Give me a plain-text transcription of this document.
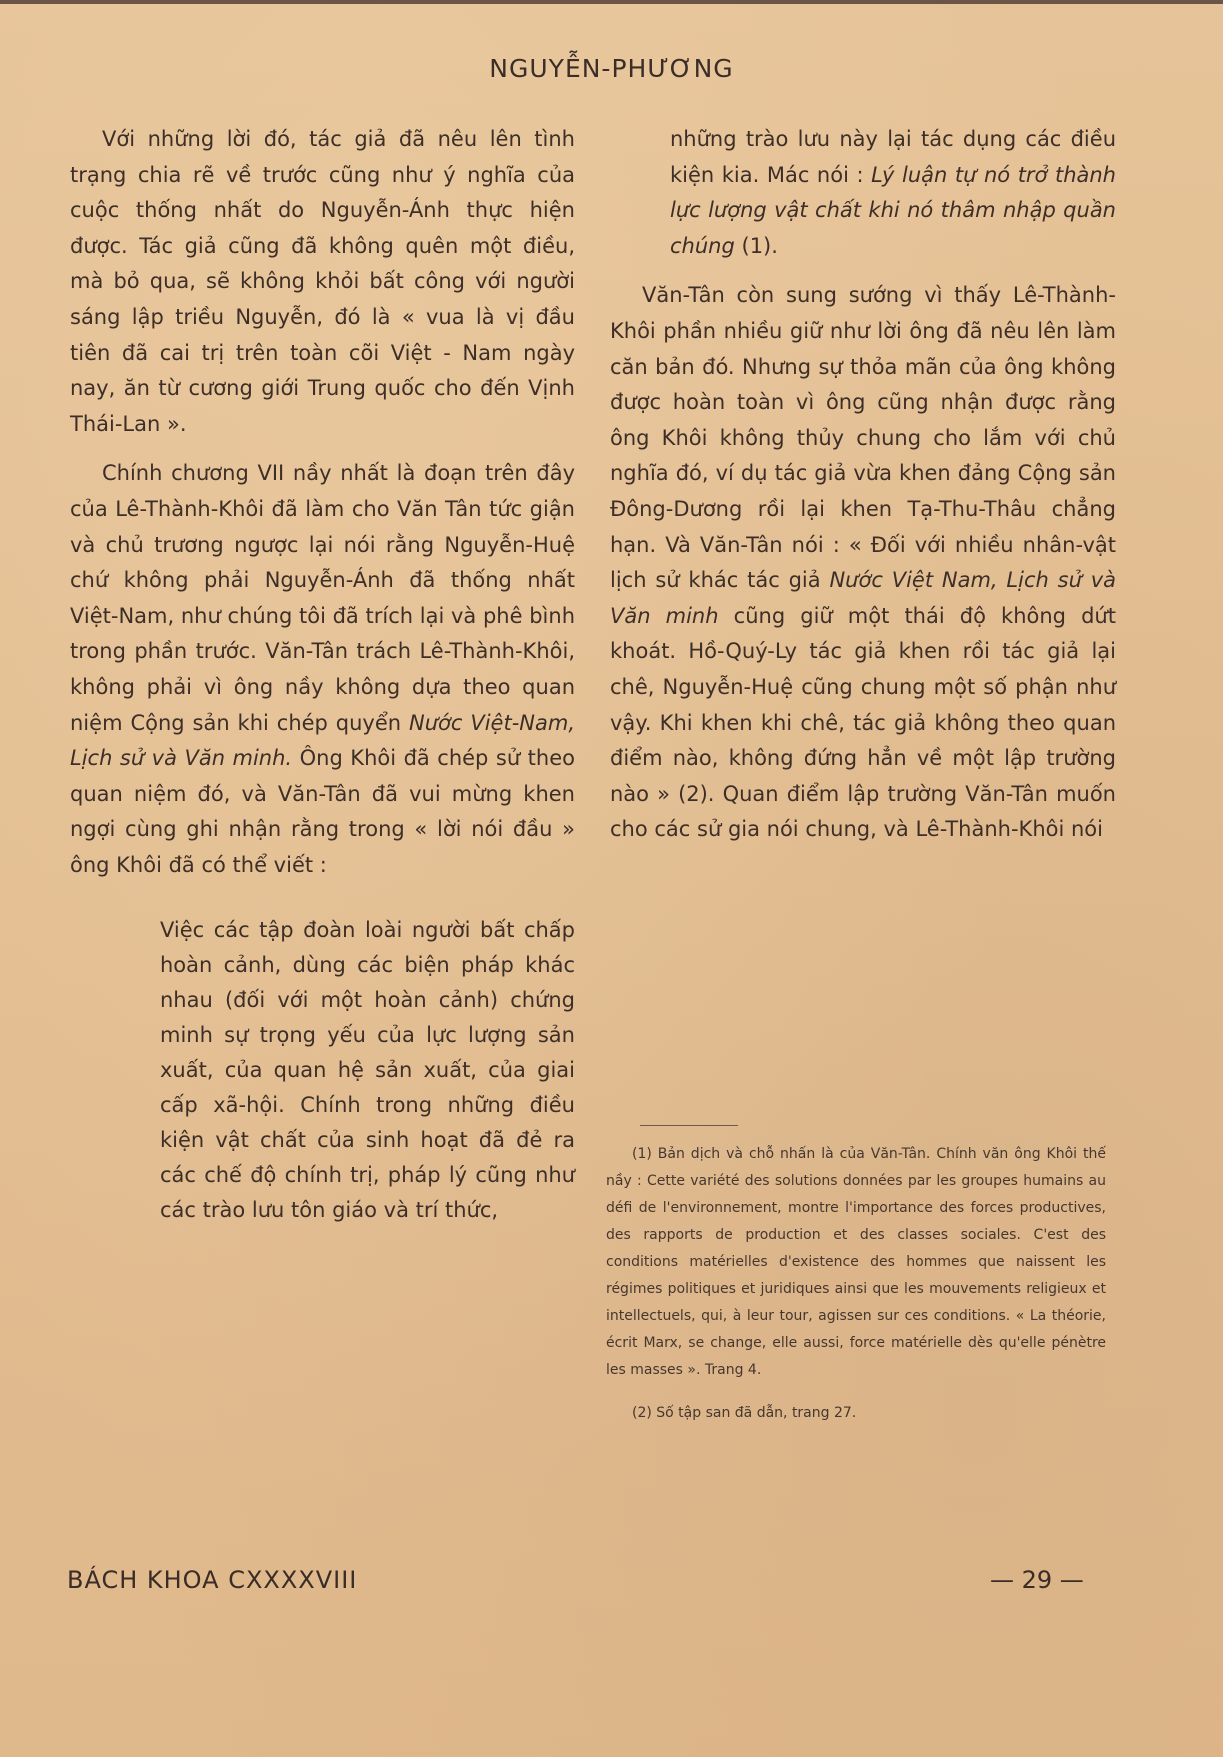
NGUYỄN-PHƯƠNG

Với những lời đó, tác giả đã nêu lên tình trạng chia rẽ về trước cũng như ý nghĩa của cuộc thống nhất do Nguyễn-Ánh thực hiện được. Tác giả cũng đã không quên một điều, mà bỏ qua, sẽ không khỏi bất công với người sáng lập triều Nguyễn, đó là « vua là vị đầu tiên đã cai trị trên toàn cõi Việt - Nam ngày nay, ăn từ cương giới Trung quốc cho đến Vịnh Thái-Lan ».

Chính chương VII nầy nhất là đoạn trên đây của Lê-Thành-Khôi đã làm cho Văn Tân tức giận và chủ trương ngược lại nói rằng Nguyễn-Huệ chứ không phải Nguyễn-Ánh đã thống nhất Việt-Nam, như chúng tôi đã trích lại và phê bình trong phần trước. Văn-Tân trách Lê-Thành-Khôi, không phải vì ông nầy không dựa theo quan niệm Cộng sản khi chép quyển Nước Việt-Nam, Lịch sử và Văn minh. Ông Khôi đã chép sử theo quan niệm đó, và Văn-Tân đã vui mừng khen ngợi cùng ghi nhận rằng trong « lời nói đầu » ông Khôi đã có thể viết :

Việc các tập đoàn loài người bất chấp hoàn cảnh, dùng các biện pháp khác nhau (đối với một hoàn cảnh) chứng minh sự trọng yếu của lực lượng sản xuất, của quan hệ sản xuất, của giai cấp xã-hội. Chính trong những điều kiện vật chất của sinh hoạt đã đẻ ra các chế độ chính trị, pháp lý cũng như các trào lưu tôn giáo và trí thức,

những trào lưu này lại tác dụng các điều kiện kia. Mác nói : Lý luận tự nó trở thành lực lượng vật chất khi nó thâm nhập quần chúng (1).

Văn-Tân còn sung sướng vì thấy Lê-Thành-Khôi phần nhiều giữ như lời ông đã nêu lên làm căn bản đó. Nhưng sự thỏa mãn của ông không được hoàn toàn vì ông cũng nhận được rằng ông Khôi không thủy chung cho lắm với chủ nghĩa đó, ví dụ tác giả vừa khen đảng Cộng sản Đông-Dương rồi lại khen Tạ-Thu-Thâu chẳng hạn. Và Văn-Tân nói : « Đối với nhiều nhân-vật lịch sử khác tác giả Nước Việt Nam, Lịch sử và Văn minh cũng giữ một thái độ không dứt khoát. Hồ-Quý-Ly tác giả khen rồi tác giả lại chê, Nguyễn-Huệ cũng chung một số phận như vậy. Khi khen khi chê, tác giả không theo quan điểm nào, không đứng hẳn về một lập trường nào » (2). Quan điểm lập trường Văn-Tân muốn cho các sử gia nói chung, và Lê-Thành-Khôi nói

(1) Bản dịch và chỗ nhấn là của Văn-Tân. Chính văn ông Khôi thế nầy : Cette variété des solutions données par les groupes humains au défi de l'environnement, montre l'importance des forces productives, des rapports de production et des classes sociales. C'est des conditions matérielles d'existence des hommes que naissent les régimes politiques et juridiques ainsi que les mouvements religieux et intellectuels, qui, à leur tour, agissen sur ces conditions. « La théorie, écrit Marx, se change, elle aussi, force matérielle dès qu'elle pénètre les masses ». Trang 4.

(2) Số tập san đã dẫn, trang 27.

BÁCH KHOA CXXXXVIII	— 29 —
